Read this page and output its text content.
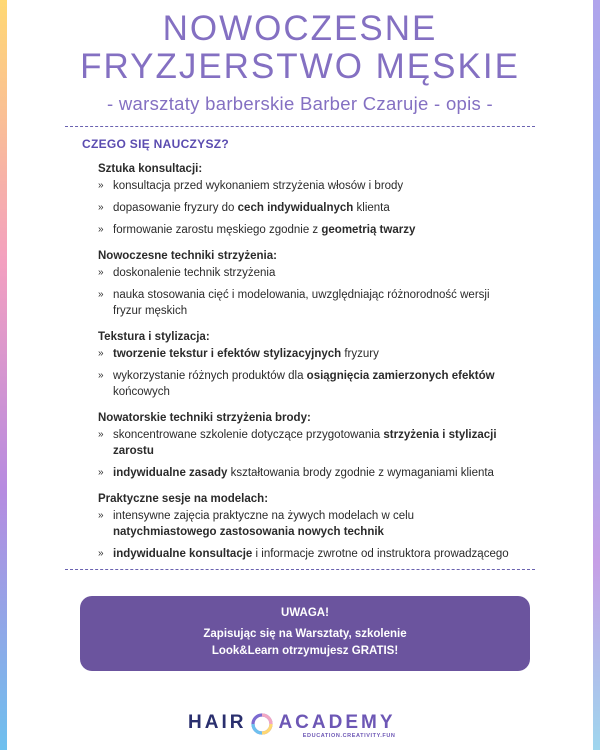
NOWOCZESNE
FRYZJERSTWO MĘSKIE
- warsztaty barberskie Barber Czaruje - opis -
CZEGO SIĘ NAUCZYSZ?
Sztuka konsultacji:
» konsultacja przed wykonaniem strzyżenia włosów i brody
» dopasowanie fryzury do cech indywidualnych klienta
» formowanie zarostu męskiego zgodnie z geometrią twarzy
Nowoczesne techniki strzyżenia:
» doskonalenie technik strzyżenia
» nauka stosowania cięć i modelowania, uwzględniając różnorodność wersji fryzur męskich
Tekstura i stylizacja:
» tworzenie tekstur i efektów stylizacyjnych fryzury
» wykorzystanie różnych produktów dla osiągnięcia zamierzonych efektów końcowych
Nowatorskie techniki strzyżenia brody:
» skoncentrowane szkolenie dotyczące przygotowania strzyżenia i stylizacji zarostu
» indywidualne zasady kształtowania brody zgodnie z wymaganiami klienta
Praktyczne sesje na modelach:
» intensywne zajęcia praktyczne na żywych modelach w celu natychmiastowego zastosowania nowych technik
» indywidualne konsultacje i informacje zwrotne od instruktora prowadzącego
UWAGA!
Zapisując się na Warsztaty, szkolenie Look&Learn otrzymujesz GRATIS!
HAIR ACADEMY
EDUCATION.CREATIVITY.FUN
